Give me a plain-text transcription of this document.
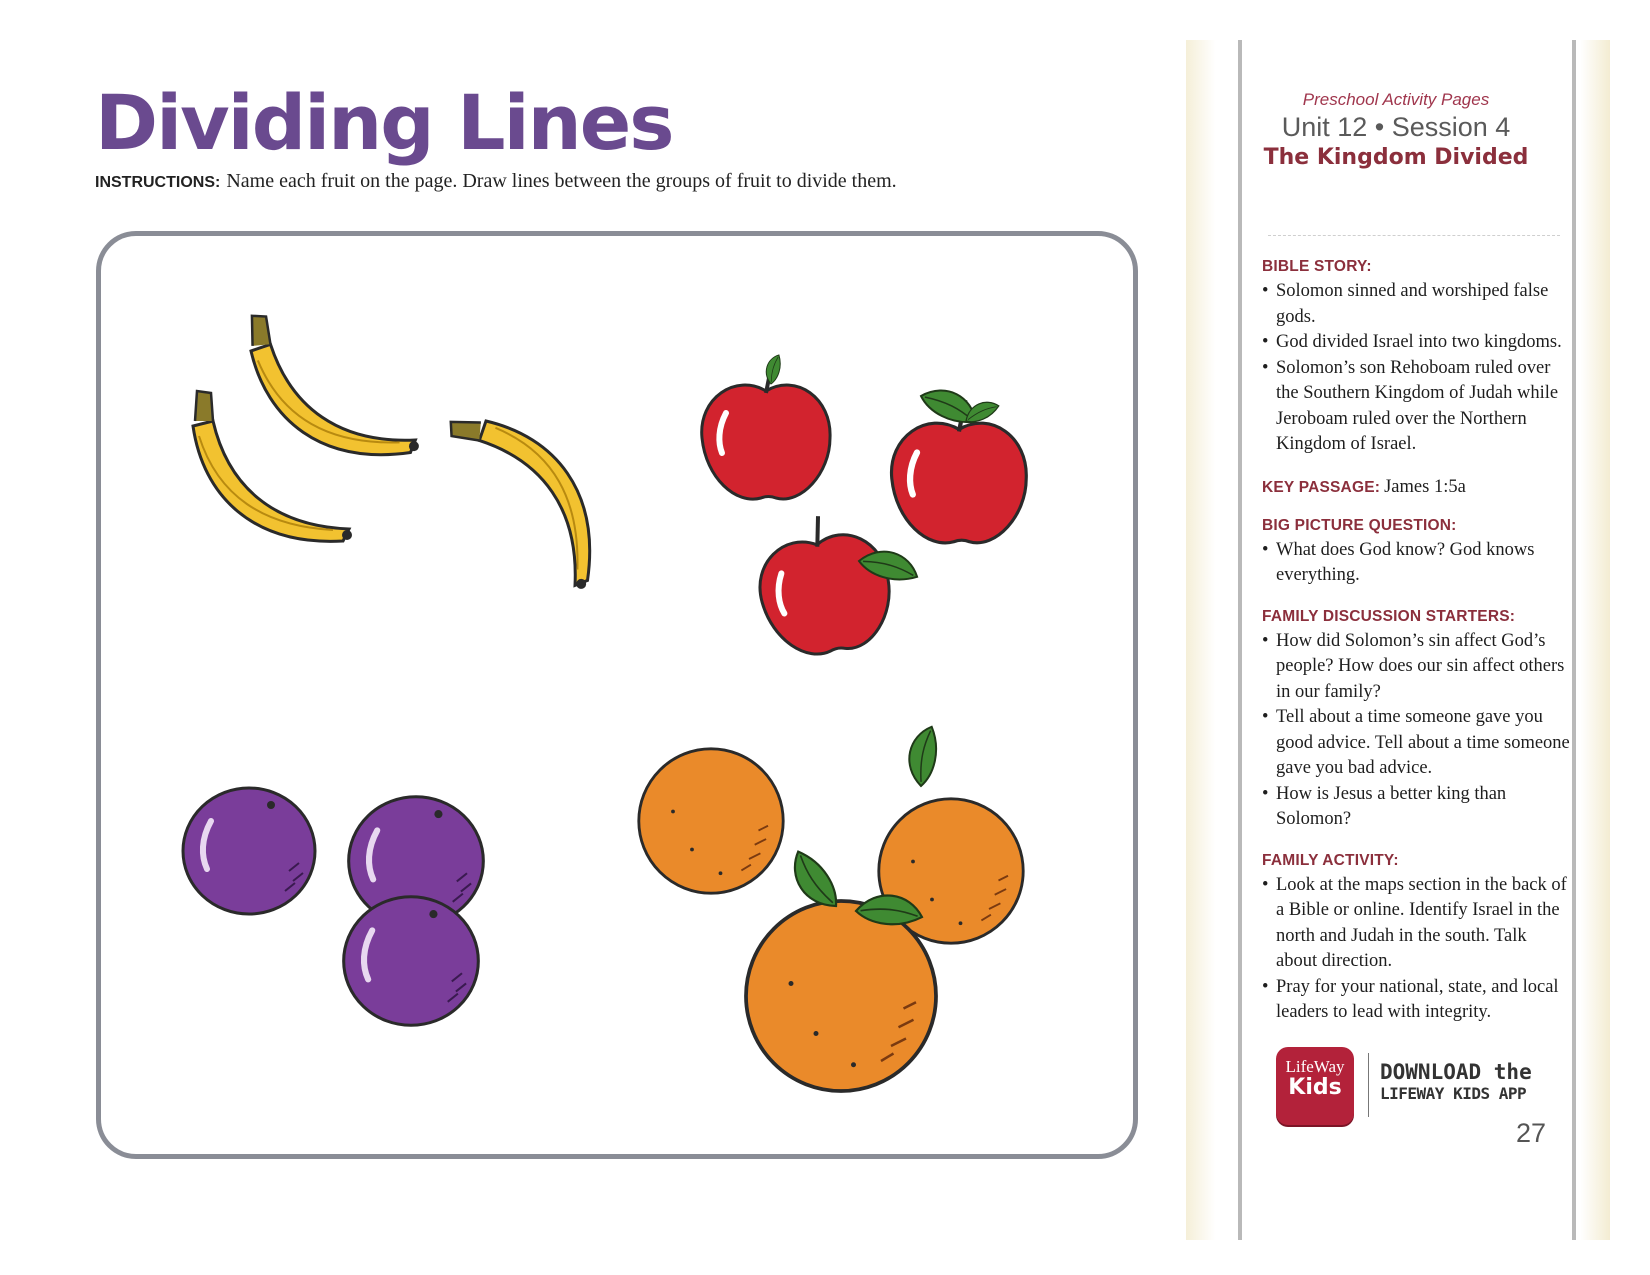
Dividing Lines
INSTRUCTIONS: Name each fruit on the page. Draw lines between the groups of fruit to divide them.
Preschool Activity Pages
Unit 12 • Session 4
The Kingdom Divided
BIBLE STORY:
• Solomon sinned and worshiped false gods.
• God divided Israel into two kingdoms.
• Solomon’s son Rehoboam ruled over the Southern Kingdom of Judah while Jeroboam ruled over the Northern Kingdom of Israel.
KEY PASSAGE: James 1:5a
BIG PICTURE QUESTION:
• What does God know? God knows everything.
FAMILY DISCUSSION STARTERS:
• How did Solomon’s sin affect God’s people? How does our sin affect others in our family?
• Tell about a time someone gave you good advice. Tell about a time someone gave you bad advice.
• How is Jesus a better king than Solomon?
FAMILY ACTIVITY:
• Look at the maps section in the back of a Bible or online. Identify Israel in the north and Judah in the south. Talk about direction.
• Pray for your national, state, and local leaders to lead with integrity.
LifeWay
Kids
DOWNLOAD the
LIFEWAY KIDS APP
27
